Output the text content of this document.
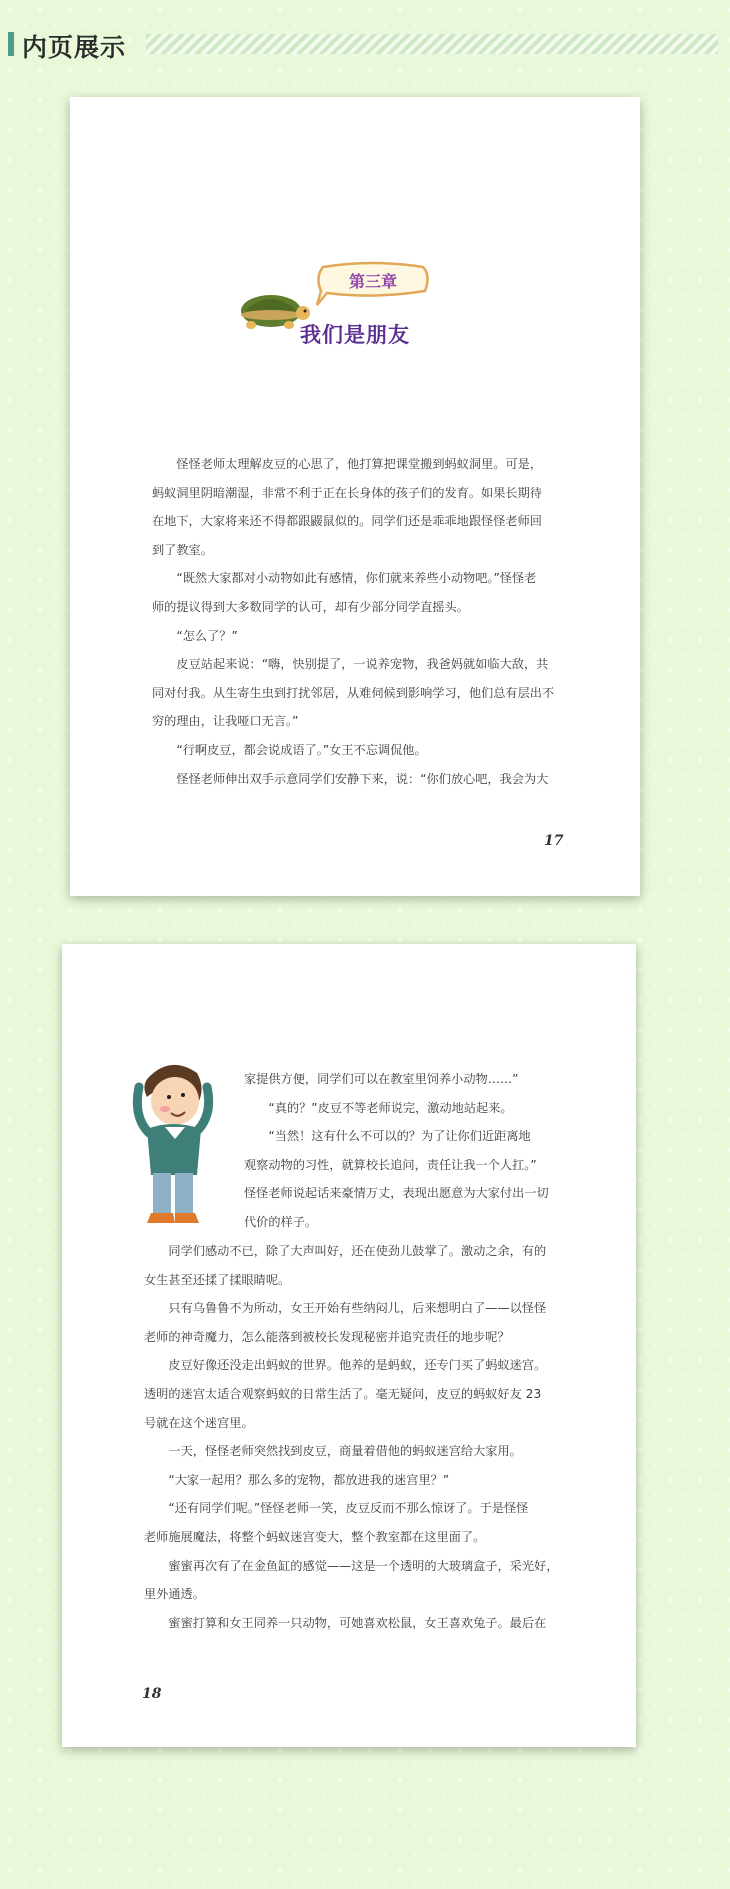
内页展示
第三章
我们是朋友

怪怪老师太理解皮豆的心思了，他打算把课堂搬到蚂蚁洞里。可是，

蚂蚁洞里阴暗潮湿，非常不利于正在长身体的孩子们的发育。如果长期待

在地下，大家将来还不得都跟鼹鼠似的。同学们还是乖乖地跟怪怪老师回

到了教室。

“既然大家都对小动物如此有感情，你们就来养些小动物吧。”怪怪老

师的提议得到大多数同学的认可，却有少部分同学直摇头。

“怎么了？”

皮豆站起来说：“嗨，快别提了，一说养宠物，我爸妈就如临大敌，共

同对付我。从生寄生虫到打扰邻居，从难伺候到影响学习，他们总有层出不

穷的理由，让我哑口无言。”

“行啊皮豆，都会说成语了。”女王不忘调侃他。

怪怪老师伸出双手示意同学们安静下来，说：“你们放心吧，我会为大

17

家提供方便，同学们可以在教室里饲养小动物……”

“真的？”皮豆不等老师说完，激动地站起来。

“当然！这有什么不可以的？为了让你们近距离地

观察动物的习性，就算校长追问，责任让我一个人扛。”

怪怪老师说起话来豪情万丈，表现出愿意为大家付出一切

代价的样子。

同学们感动不已，除了大声叫好，还在使劲儿鼓掌了。激动之余，有的

女生甚至还揉了揉眼睛呢。

只有乌鲁鲁不为所动，女王开始有些纳闷儿，后来想明白了——以怪怪

老师的神奇魔力，怎么能落到被校长发现秘密并追究责任的地步呢？

皮豆好像还没走出蚂蚁的世界。他养的是蚂蚁，还专门买了蚂蚁迷宫。

透明的迷宫太适合观察蚂蚁的日常生活了。毫无疑问，皮豆的蚂蚁好友 23

号就在这个迷宫里。

一天，怪怪老师突然找到皮豆，商量着借他的蚂蚁迷宫给大家用。

“大家一起用？那么多的宠物，都放进我的迷宫里？”

“还有同学们呢。”怪怪老师一笑，皮豆反而不那么惊讶了。于是怪怪

老师施展魔法，将整个蚂蚁迷宫变大，整个教室都在这里面了。

蜜蜜再次有了在金鱼缸的感觉——这是一个透明的大玻璃盒子，采光好，

里外通透。

蜜蜜打算和女王同养一只动物，可她喜欢松鼠，女王喜欢兔子。最后在

18
